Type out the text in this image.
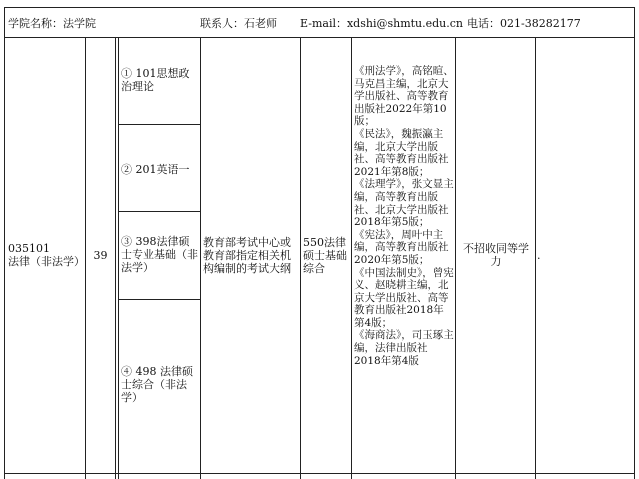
学院名称：法学院	联系人：石老师 E-mail：xdshi@shmtu.edu.cn 电话：021-38282177
035101
法律（非法学） 39
① 101思想政治理论
② 201英语一
③ 398法律硕士专业基础（非法学）
④ 498 法律硕士综合（非法学）
教育部考试中心或教育部指定相关机构编制的考试大纲
550法律硕士基础综合
《刑法学》，高铭暄、马克昌主编，北京大学出版社、高等教育出版社2022年第10版；
《民法》，魏振瀛主编，北京大学出版社、高等教育出版社2021年第8版；
《法理学》，张文显主编，高等教育出版社、北京大学出版社2018年第5版；
《宪法》，周叶中主编，高等教育出版社2020年第5版；
《中国法制史》，曾宪义、赵晓耕主编，北京大学出版社、高等教育出版社2018年第4版；
《海商法》，司玉琢主编，法律出版社2018年第4版
不招收同等学力	.
